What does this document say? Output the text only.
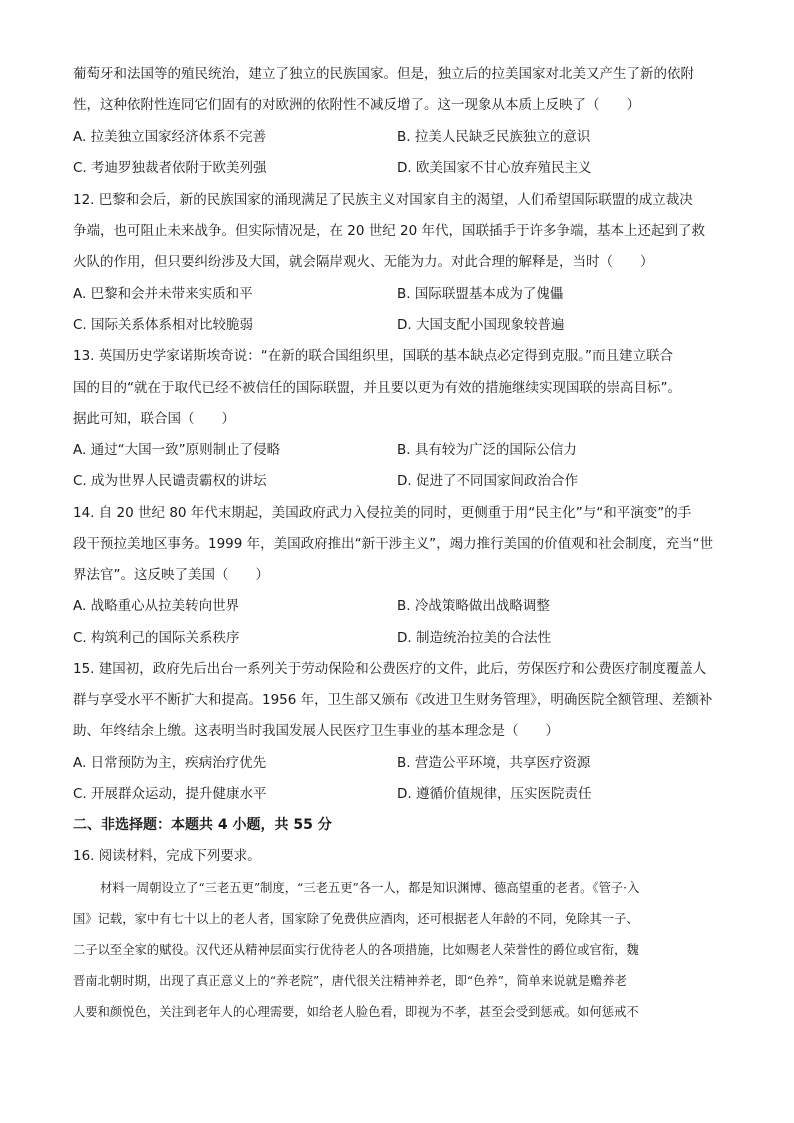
葡萄牙和法国等的殖民统治，建立了独立的民族国家。但是，独立后的拉美国家对北美又产生了新的依附
性，这种依附性连同它们固有的对欧洲的依附性不减反增了。这一现象从本质上反映了（　　）
A. 拉美独立国家经济体系不完善	B. 拉美人民缺乏民族独立的意识
C. 考迪罗独裁者依附于欧美列强	D. 欧美国家不甘心放弃殖民主义
12. 巴黎和会后，新的民族国家的涌现满足了民族主义对国家自主的渴望，人们希望国际联盟的成立裁决
争端，也可阻止未来战争。但实际情况是，在 20 世纪 20 年代，国联插手于许多争端，基本上还起到了救
火队的作用，但只要纠纷涉及大国，就会隔岸观火、无能为力。对此合理的解释是，当时（　　）
A. 巴黎和会并未带来实质和平	B. 国际联盟基本成为了傀儡
C. 国际关系体系相对比较脆弱	D. 大国支配小国现象较普遍
13. 英国历史学家诺斯埃奇说：“在新的联合国组织里，国联的基本缺点必定得到克服。”而且建立联合
国的目的“就在于取代已经不被信任的国际联盟，并且要以更为有效的措施继续实现国联的崇高目标”。
据此可知，联合国（　　）
A. 通过“大国一致”原则制止了侵略	B. 具有较为广泛的国际公信力
C. 成为世界人民谴责霸权的讲坛	D. 促进了不同国家间政治合作
14. 自 20 世纪 80 年代末期起，美国政府武力入侵拉美的同时，更侧重于用“民主化”与“和平演变”的手
段干预拉美地区事务。1999 年，美国政府推出“新干涉主义”，竭力推行美国的价值观和社会制度，充当“世
界法官”。这反映了美国（　　）
A. 战略重心从拉美转向世界	B. 冷战策略做出战略调整
C. 构筑利己的国际关系秩序	D. 制造统治拉美的合法性
15. 建国初，政府先后出台一系列关于劳动保险和公费医疗的文件，此后，劳保医疗和公费医疗制度覆盖人
群与享受水平不断扩大和提高。1956 年，卫生部又颁布《改进卫生财务管理》，明确医院全额管理、差额补
助、年终结余上缴。这表明当时我国发展人民医疗卫生事业的基本理念是（　　）
A. 日常预防为主，疾病治疗优先	B. 营造公平环境，共享医疗资源
C. 开展群众运动，提升健康水平	D. 遵循价值规律，压实医院责任
二、非选择题：本题共 4 小题，共 55 分
16. 阅读材料，完成下列要求。
材料一周朝设立了“三老五更”制度，“三老五更”各一人，都是知识渊博、德高望重的老者。《管子·入
国》记载，家中有七十以上的老人者，国家除了免费供应酒肉，还可根据老人年龄的不同，免除其一子、
二子以至全家的赋役。汉代还从精神层面实行优待老人的各项措施，比如赐老人荣誉性的爵位或官衔，魏
晋南北朝时期，出现了真正意义上的“养老院”，唐代很关注精神养老，即“色养”，简单来说就是赡养老
人要和颜悦色，关注到老年人的心理需要，如给老人脸色看，即视为不孝，甚至会受到惩戒。如何惩戒不
